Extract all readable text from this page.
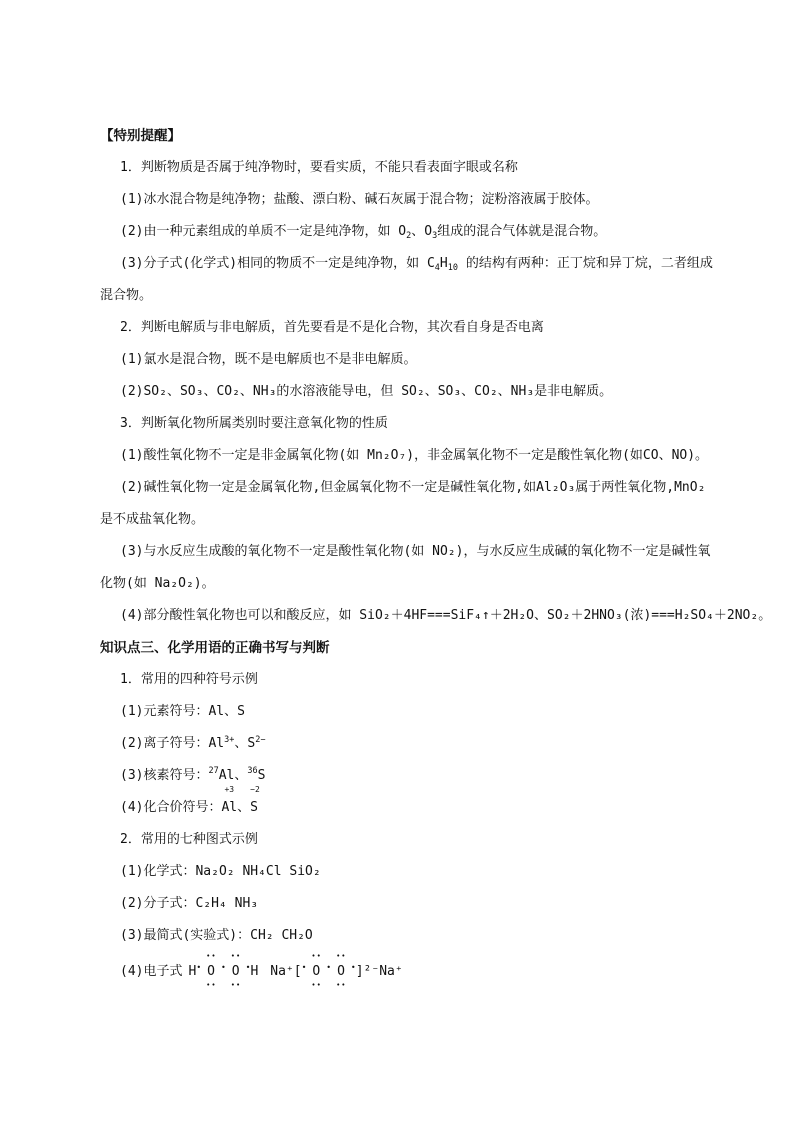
【特别提醒】
1．判断物质是否属于纯净物时，要看实质，不能只看表面字眼或名称
(1)冰水混合物是纯净物；盐酸、漂白粉、碱石灰属于混合物；淀粉溶液属于胶体。
(2)由一种元素组成的单质不一定是纯净物，如 $O_2$、$O_3$组成的混合气体就是混合物。
(3)分子式(化学式)相同的物质不一定是纯净物，如 $C_4H_{10}$ 的结构有两种：正丁烷和异丁烷，二者组成
混合物。
2．判断电解质与非电解质，首先要看是不是化合物，其次看自身是否电离
(1)氯水是混合物，既不是电解质也不是非电解质。
(2)SO₂、SO₃、CO₂、NH₃的水溶液能导电，但 SO₂、SO₃、CO₂、NH₃是非电解质。
3．判断氧化物所属类别时要注意氧化物的性质
(1)酸性氧化物不一定是非金属氧化物(如 Mn₂O₇)，非金属氧化物不一定是酸性氧化物(如CO、NO)。
(2)碱性氧化物一定是金属氧化物,但金属氧化物不一定是碱性氧化物,如Al₂O₃属于两性氧化物,MnO₂
是不成盐氧化物。
(3)与水反应生成酸的氧化物不一定是酸性氧化物(如 NO₂)，与水反应生成碱的氧化物不一定是碱性氧
化物(如 Na₂O₂)。
(4)部分酸性氧化物也可以和酸反应，如 SiO₂＋4HF===SiF₄↑＋2H₂O、SO₂＋2HNO₃(浓)===H₂SO₄＋2NO₂。
知识点三、化学用语的正确书写与判断
1．常用的四种符号示例
(1)元素符号：Al、S
(2)离子符号：$Al^{3+}$、$S^{2-}$
(3)核素符号：$^{27}$Al、$^{36}$S
(4)化合价符号：
+3
Al、
−2
S
2．常用的七种图式示例
(1)化学式：Na₂O₂ NH₄Cl SiO₂
(2)分子式：C₂H₄ NH₃
(3)最简式(实验式)：CH₂ CH₂O
(4)电子式 H•
••
O
••
•
••
O
••
•H Na⁺[•
••
O
••
•
••
O
••
•]²⁻Na⁺
